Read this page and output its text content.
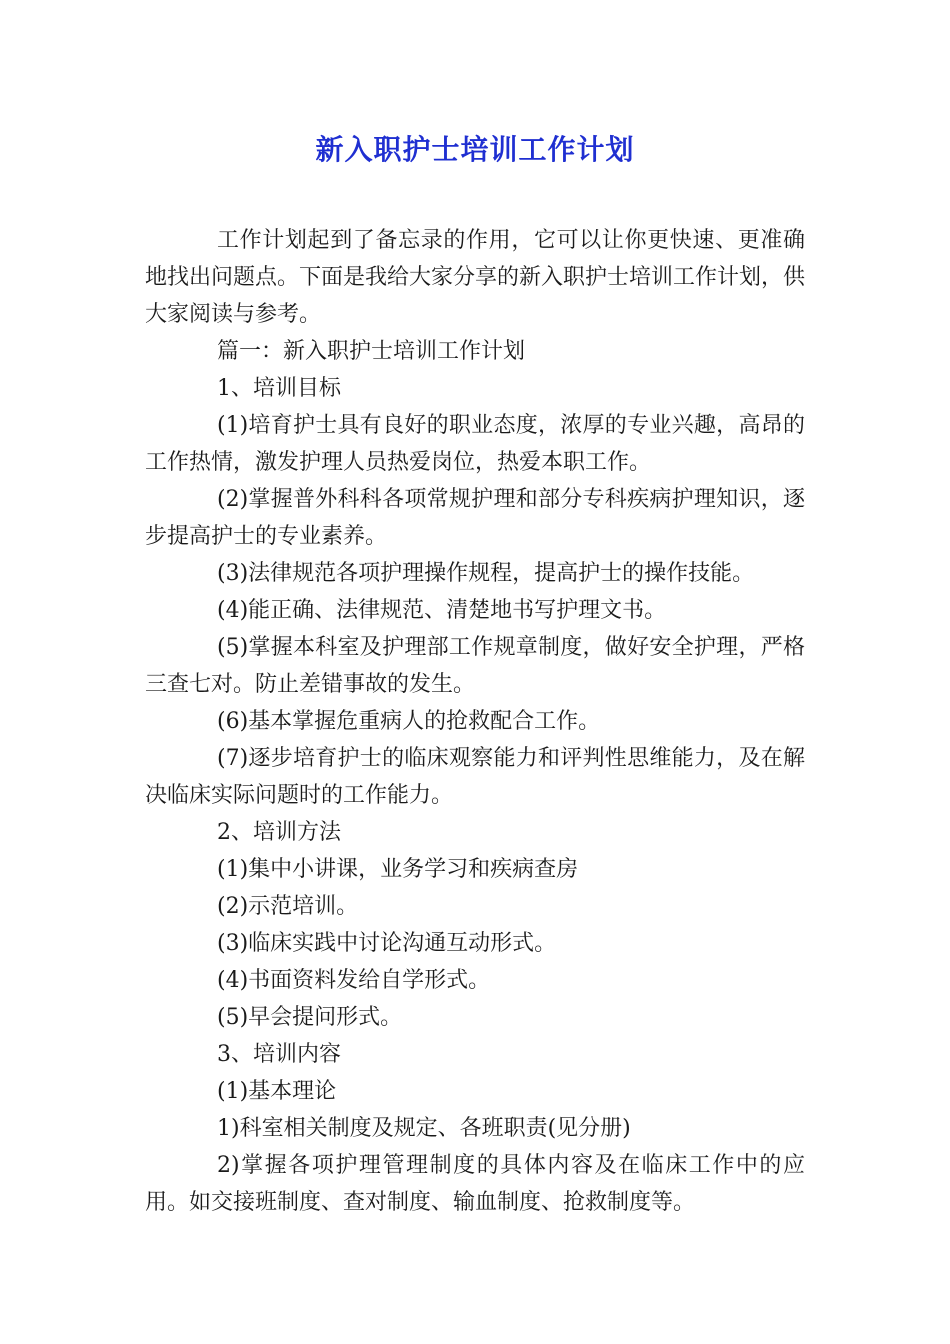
新入职护士培训工作计划

工作计划起到了备忘录的作用，它可以让你更快速、更准确地找出问题点。下面是我给大家分享的新入职护士培训工作计划，供大家阅读与参考。

篇一：新入职护士培训工作计划

1、培训目标

(1)培育护士具有良好的职业态度，浓厚的专业兴趣，高昂的工作热情，激发护理人员热爱岗位，热爱本职工作。

(2)掌握普外科科各项常规护理和部分专科疾病护理知识，逐步提高护士的专业素养。

(3)法律规范各项护理操作规程，提高护士的操作技能。

(4)能正确、法律规范、清楚地书写护理文书。

(5)掌握本科室及护理部工作规章制度，做好安全护理，严格三查七对。防止差错事故的发生。

(6)基本掌握危重病人的抢救配合工作。

(7)逐步培育护士的临床观察能力和评判性思维能力，及在解决临床实际问题时的工作能力。

2、培训方法

(1)集中小讲课，业务学习和疾病查房

(2)示范培训。

(3)临床实践中讨论沟通互动形式。

(4)书面资料发给自学形式。

(5)早会提问形式。

3、培训内容

(1)基本理论

1)科室相关制度及规定、各班职责(见分册)

2)掌握各项护理管理制度的具体内容及在临床工作中的应用。如交接班制度、查对制度、输血制度、抢救制度等。
